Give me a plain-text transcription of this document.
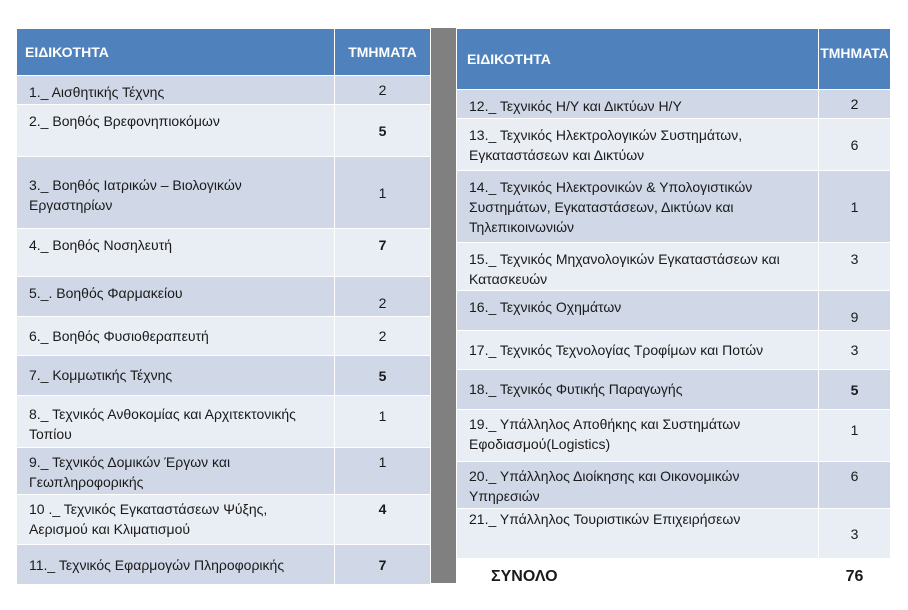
ΕΙΔΙΚΟΤΗΤΑ	ΤΜΗΜΑΤΑ
1._ Αισθητικής Τέχνης	2
2._ Βοηθός Βρεφονηπιοκόμων	5
3._ Βοηθός Ιατρικών – Βιολογικών Εργαστηρίων	1
4._ Βοηθός Νοσηλευτή	7
5._. Βοηθός Φαρμακείου	2
6._ Βοηθός Φυσιοθεραπευτή	2
7._ Κομμωτικής Τέχνης	5
8._ Τεχνικός Ανθοκομίας και Αρχιτεκτονικής Τοπίου	1
9._ Τεχνικός Δομικών Έργων και Γεωπληροφορικής	1
10 ._ Τεχνικός Εγκαταστάσεων Ψύξης, Αερισμού και Κλιματισμού	4
11._ Τεχνικός Εφαρμογών Πληροφορικής	7
ΕΙΔΙΚΟΤΗΤΑ	ΤΜΗΜΑΤΑ
12._ Τεχνικός Η/Υ και Δικτύων Η/Υ	2
13._ Τεχνικός Ηλεκτρολογικών Συστημάτων, Εγκαταστάσεων και Δικτύων	6
14._ Τεχνικός Ηλεκτρονικών & Υπολογιστικών Συστημάτων, Εγκαταστάσεων, Δικτύων και Τηλεπικοινωνιών	1
15._ Τεχνικός Μηχανολογικών Εγκαταστάσεων και Κατασκευών	3
16._ Τεχνικός Οχημάτων	9
17._ Τεχνικός Τεχνολογίας Τροφίμων και Ποτών	3
18._ Τεχνικός Φυτικής Παραγωγής	5
19._ Υπάλληλος Αποθήκης και Συστημάτων Εφοδιασμού(Logistics)	1
20._ Υπάλληλος Διοίκησης και Οικονομικών Υπηρεσιών	6
21._ Υπάλληλος Τουριστικών Επιχειρήσεων	3
ΣΥΝΟΛΟ	76
